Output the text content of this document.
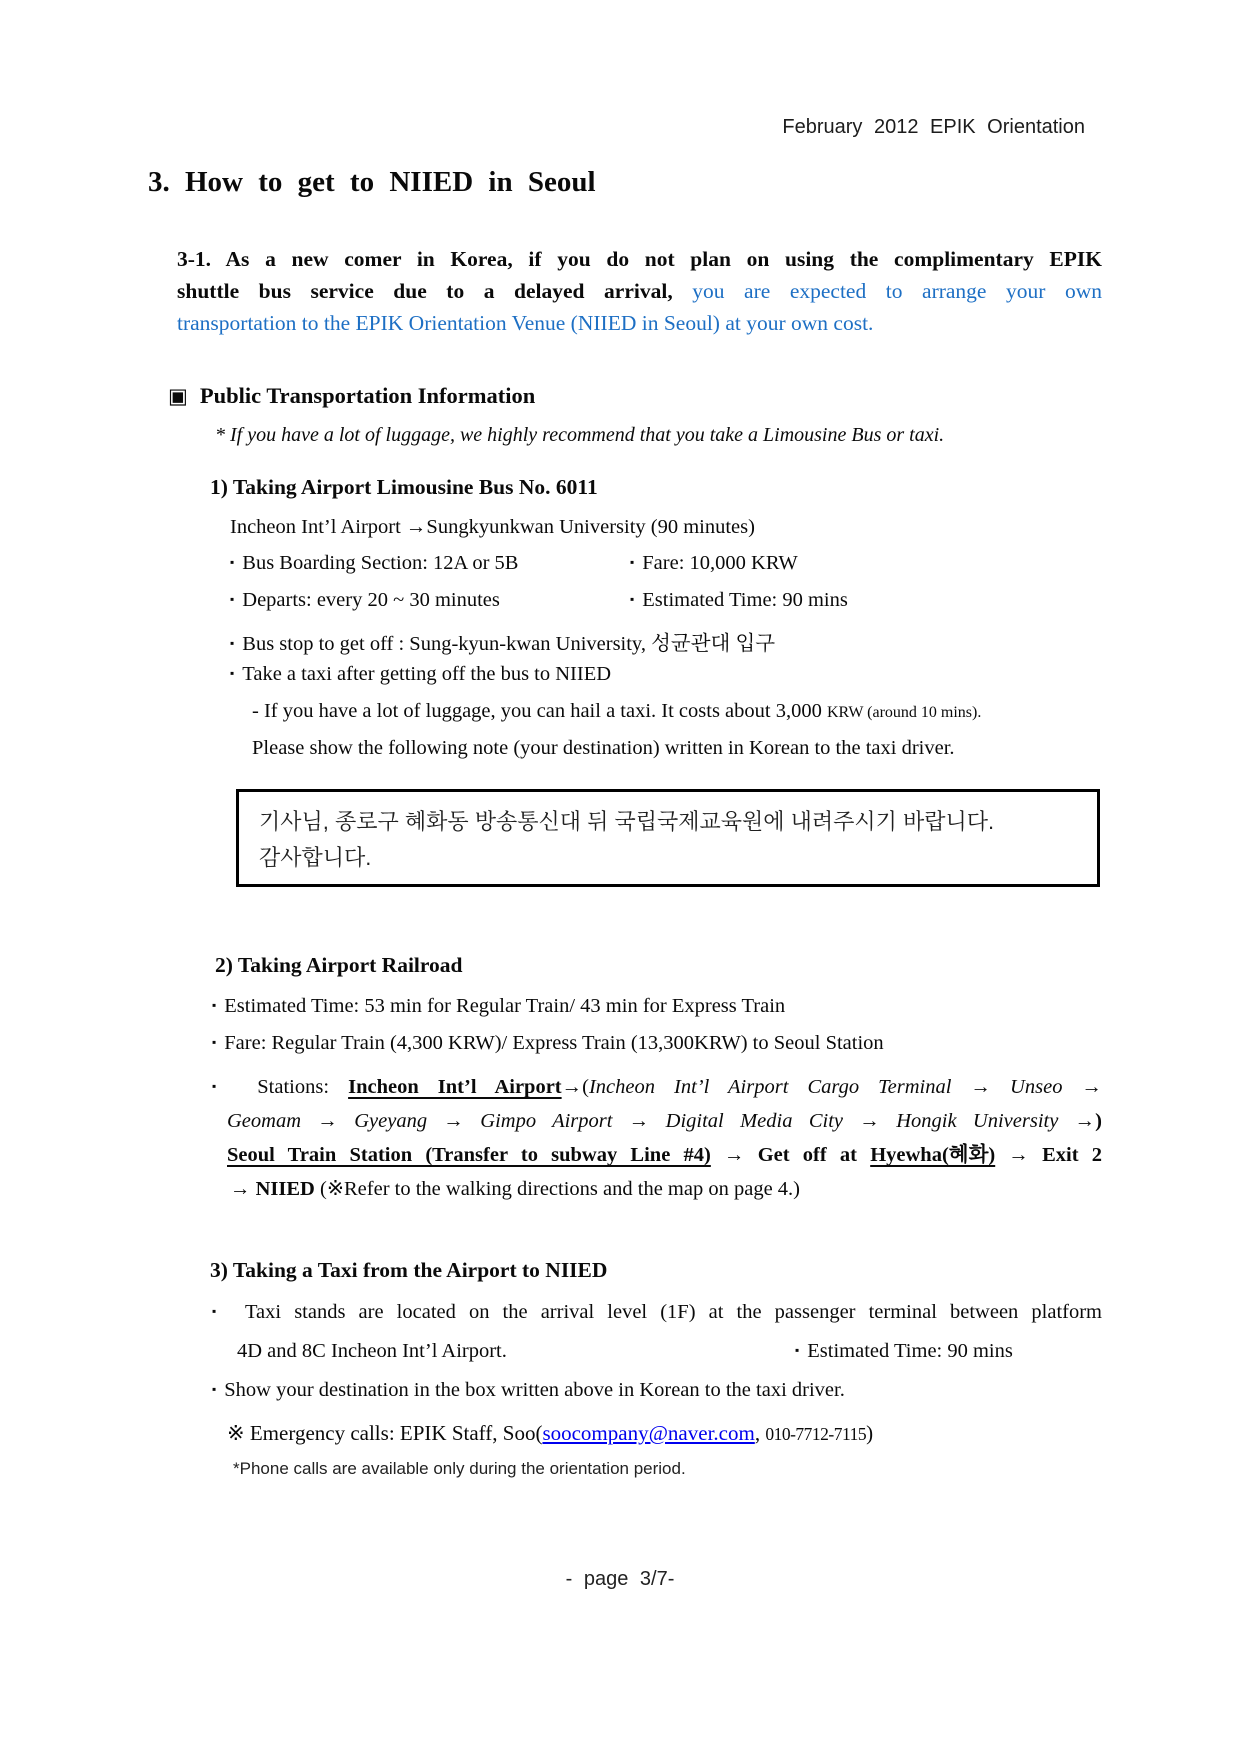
February 2012 EPIK Orientation
3. How to get to NIIED in Seoul
3-1. As a new comer in Korea, if you do not plan on using the complimentary EPIK
shuttle bus service due to a delayed arrival, you are expected to arrange your own
transportation to the EPIK Orientation Venue (NIIED in Seoul) at your own cost.
▣ Public Transportation Information
* If you have a lot of luggage, we highly recommend that you take a Limousine Bus or taxi.
1) Taking Airport Limousine Bus No. 6011
Incheon Int’l Airport →Sungkyunkwan University (90 minutes)
▪ Bus Boarding Section: 12A or 5B	▪ Fare: 10,000 KRW
▪ Departs: every 20 ~ 30 minutes	▪ Estimated Time: 90 mins
▪ Bus stop to get off : Sung-kyun-kwan University, 성균관대 입구
▪ Take a taxi after getting off the bus to NIIED
- If you have a lot of luggage, you can hail a taxi. It costs about 3,000 KRW (around 10 mins).
Please show the following note (your destination) written in Korean to the taxi driver.
기사님, 종로구 혜화동 방송통신대 뒤 국립국제교육원에 내려주시기 바랍니다.
감사합니다.
2) Taking Airport Railroad
▪ Estimated Time: 53 min for Regular Train/ 43 min for Express Train
▪ Fare: Regular Train (4,300 KRW)/ Express Train (13,300KRW) to Seoul Station
▪ Stations: Incheon Int’l Airport→(Incheon Int’l Airport Cargo Terminal → Unseo →
Geomam → Gyeyang → Gimpo Airport → Digital Media City → Hongik University →)
Seoul Train Station (Transfer to subway Line #4) → Get off at Hyewha(혜화) → Exit 2
→ NIIED (※Refer to the walking directions and the map on page 4.)
3) Taking a Taxi from the Airport to NIIED
▪ Taxi stands are located on the arrival level (1F) at the passenger terminal between platform
4D and 8C Incheon Int’l Airport.	▪ Estimated Time: 90 mins
▪ Show your destination in the box written above in Korean to the taxi driver.
※ Emergency calls: EPIK Staff, Soo(soocompany@naver.com, 010-7712-7115)
*Phone calls are available only during the orientation period.
- page 3/7-
